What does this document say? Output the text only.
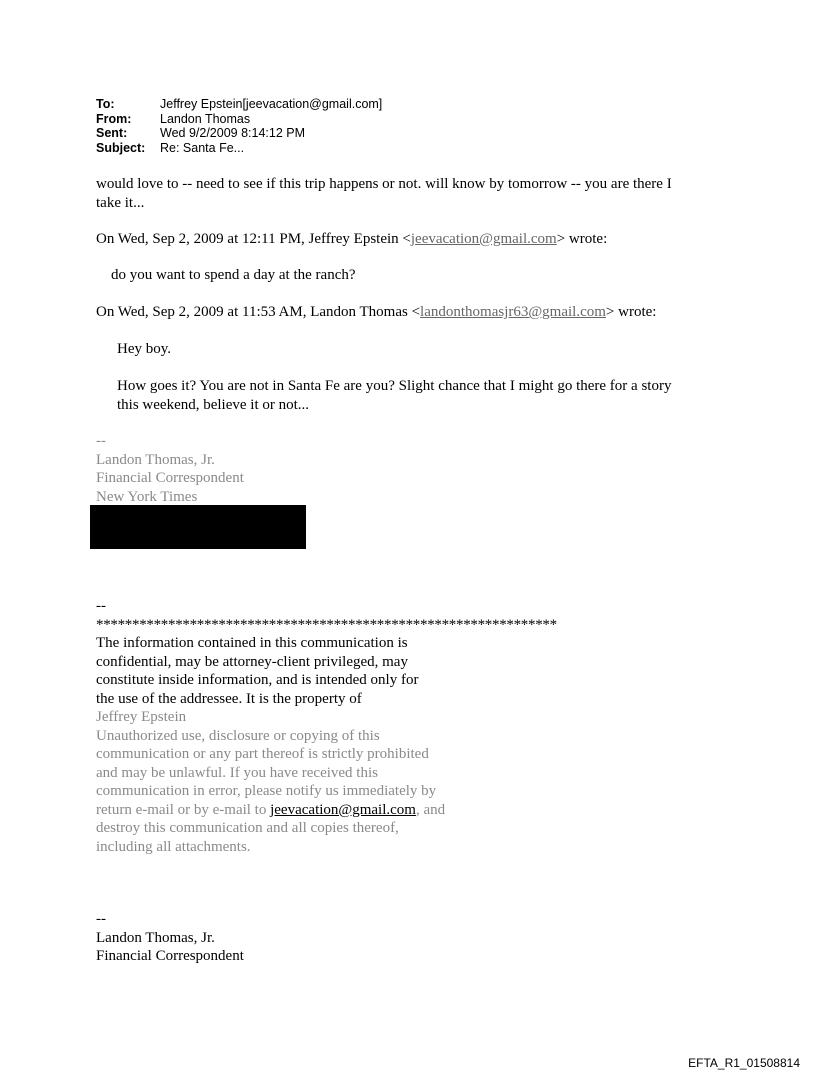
To:	Jeffrey Epstein[jeevacation@gmail.com]
From:	Landon Thomas
Sent:	Wed 9/2/2009 8:14:12 PM
Subject:	Re: Santa Fe...
would love to -- need to see if this trip happens or not. will know by tomorrow -- you are there I
take it...
On Wed, Sep 2, 2009 at 12:11 PM, Jeffrey Epstein <jeevacation@gmail.com> wrote:
do you want to spend a day at the ranch?
On Wed, Sep 2, 2009 at 11:53 AM, Landon Thomas <landonthomasjr63@gmail.com> wrote:
Hey boy.
How goes it? You are not in Santa Fe are you? Slight chance that I might go there for a story
this weekend, believe it or not...
--
Landon Thomas, Jr.
Financial Correspondent
New York Times
--
****************************************************************
The information contained in this communication is
confidential, may be attorney-client privileged, may
constitute inside information, and is intended only for
the use of the addressee. It is the property of
Jeffrey Epstein
Unauthorized use, disclosure or copying of this
communication or any part thereof is strictly prohibited
and may be unlawful. If you have received this
communication in error, please notify us immediately by
return e-mail or by e-mail to jeevacation@gmail.com, and
destroy this communication and all copies thereof,
including all attachments.
--
Landon Thomas, Jr.
Financial Correspondent
EFTA_R1_01508814
